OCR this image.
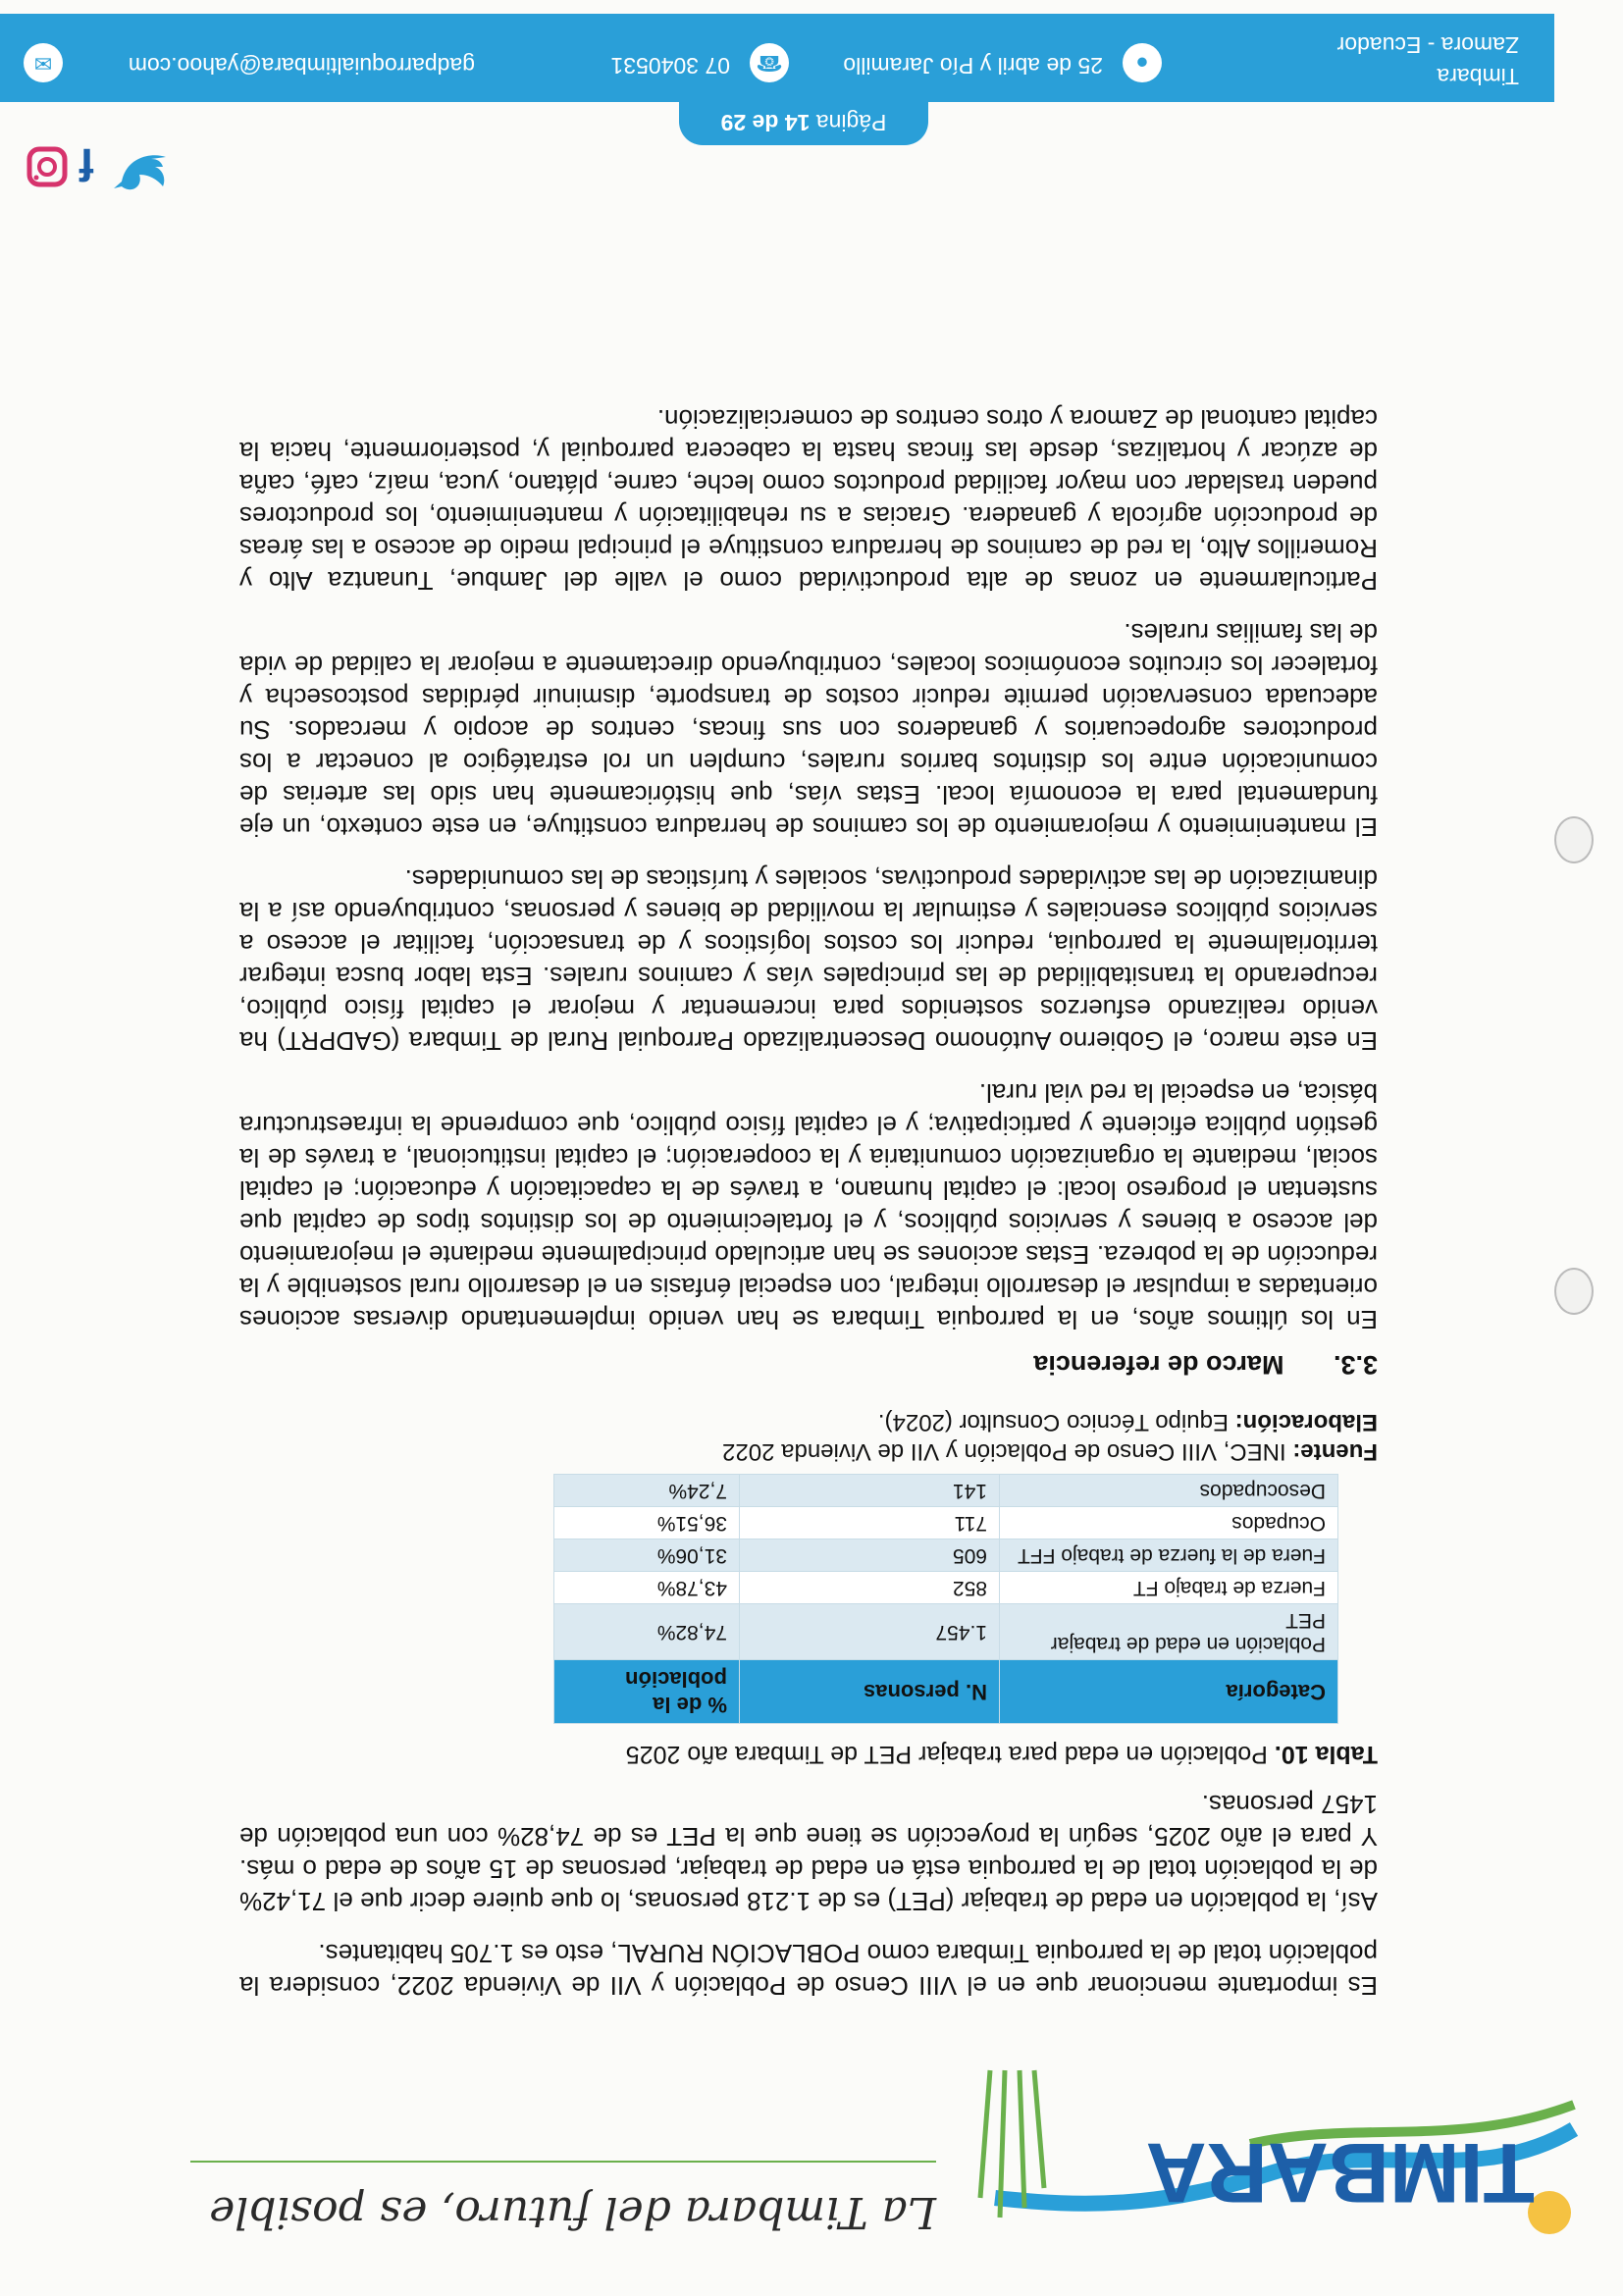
TIMBARA
La Timbara del futuro, es posible

Es importante mencionar que en el VIII Censo de Población y VII de Vivienda 2022, considera la población total de la parroquia Timbara como POBLACIÓN RURAL, esto es 1.705 habitantes.

Así, la población en edad de trabajar (PET) es de 1.218 personas, lo que quiere decir que el 71,42% de la población total de la parroquia está en edad de trabajar, personas de 15 años de edad o más. Y para el año 2025, según la proyección se tiene que la PET es de 74,82% con una población de 1457 personas.

Tabla 10. Población en edad para trabajar PET de Timbara año 2025
Categoría	N. personas	% de la población
Población en edad de trabajar PET	1.457	74,82%
Fuerza de trabajo FT	852	43,78%
Fuera de la fuerza de trabajo FFT	605	31,06%
Ocupados	711	36,51%
Desocupados	141	7,24%
Fuente: INEC, VIII Censo de Población y VII de Vivienda 2022
Elaboración: Equipo Técnico Consultor (2024).
3.3. Marco de referencia

En los últimos años, en la parroquia Timbara se han venido implementando diversas acciones orientadas a impulsar el desarrollo integral, con especial énfasis en el desarrollo rural sostenible y la reducción de la pobreza. Estas acciones se han articulado principalmente mediante el mejoramiento del acceso a bienes y servicios públicos, y el fortalecimiento de los distintos tipos de capital que sustentan el progreso local: el capital humano, a través de la capacitación y educación; el capital social, mediante la organización comunitaria y la cooperación; el capital institucional, a través de la gestión pública eficiente y participativa; y el capital físico público, que comprende la infraestructura básica, en especial la red vial rural.

En este marco, el Gobierno Autónomo Descentralizado Parroquial Rural de Timbara (GADPRT) ha venido realizando esfuerzos sostenidos para incrementar y mejorar el capital físico público, recuperando la transitabilidad de las principales vías y caminos rurales. Esta labor busca integrar territorialmente la parroquia, reducir los costos logísticos y de transacción, facilitar el acceso a servicios públicos esenciales y estimular la movilidad de bienes y personas, contribuyendo así a la dinamización de las actividades productivas, sociales y turísticas de las comunidades.

El mantenimiento y mejoramiento de los caminos de herradura constituye, en este contexto, un eje fundamental para la economía local. Estas vías, que históricamente han sido las arterias de comunicación entre los distintos barrios rurales, cumplen un rol estratégico al conectar a los productores agropecuarios y ganaderos con sus fincas, centros de acopio y mercados. Su adecuada conservación permite reducir costos de transporte, disminuir pérdidas postcosecha y fortalecer los circuitos económicos locales, contribuyendo directamente a mejorar la calidad de vida de las familias rurales.

Particularmente en zonas de alta productividad como el valle del Jambue, Tunantza Alto y Romerillos Alto, la red de caminos de herradura constituye el principal medio de acceso a las áreas de producción agrícola y ganadera. Gracias a su rehabilitación y mantenimiento, los productores pueden trasladar con mayor facilidad productos como leche, carne, plátano, yuca, maíz, café, caña de azúcar y hortalizas, desde las fincas hasta la cabecera parroquial y, posteriormente, hacia la capital cantonal de Zamora y otros centros de comercialización.

f
Página 14 de 29
Timbara
Zamora - Ecuador
●
25 de abril y Pío Jaramillo
☎
07 3040531
✉	gadparroquialtimbara@yahoo.com
